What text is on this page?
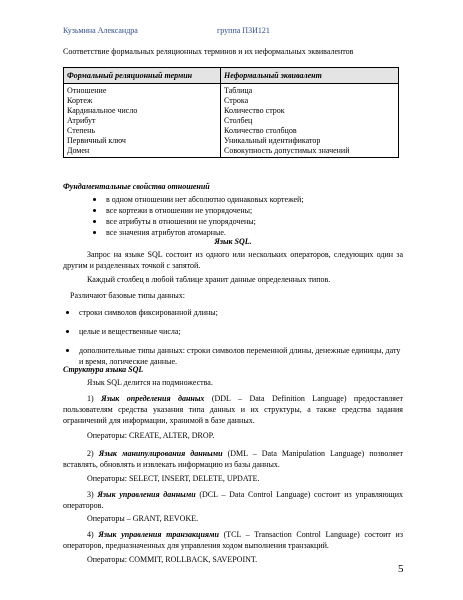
Кузьмина Александра	группа ПЗИ121
Соответствие формальных реляционных терминов и их неформальных эквивалентов
Формальный реляционный термин	Неформальный эквивалент
Отношение	Таблица
Кортеж	Строка
Кардинальное число	Количество строк
Атрибут	Столбец
Степень	Количество столбцов
Первичный ключ	Уникальный идентификатор
Домен	Совокупность допустимых значений
Фундаментальные свойства отношений
в одном отношении нет абсолютно одинаковых кортежей;
все кортежи в отношении не упорядочены;
все атрибуты в отношении не упорядочены;
все значения атрибутов атомарные.
Язык SQL.
Запрос на языке SQL состоит из одного или нескольких операторов, следующих один за другим и разделенных точкой с запятой.
Каждый столбец в любой таблице хранит данные определенных типов.
Различают базовые типы данных:
строки символов фиксированной длины;
целые и вещественные числа;
дополнительные типы данных: строки символов переменной длины, денежные единицы, дату и время, логические данные.
Структура языка SQL
Язык SQL делится на подмножества.
1) Язык определения данных (DDL – Data Definition Language) предоставляет пользователям средства указания типа данных и их структуры, а также средства задания ограничений для информации, хранимой в базе данных.
Операторы: CREATE, ALTER, DROP.
2) Язык манипулирования данными (DML – Data Manipulation Language) позволяет вставлять, обновлять и извлекать информацию из базы данных.
Операторы: SELECT, INSERT, DELETE, UPDATE.
3) Язык управления данными (DCL – Data Control Language) состоит из управляющих операторов.
Операторы – GRANT, REVOKE.
4) Язык управления транзакциями (TCL – Transaction Control Language) состоит из операторов, предназначенных для управления ходом выполнения транзакций.
Операторы: COMMIT, ROLLBACK, SAVEPOINT.
5
